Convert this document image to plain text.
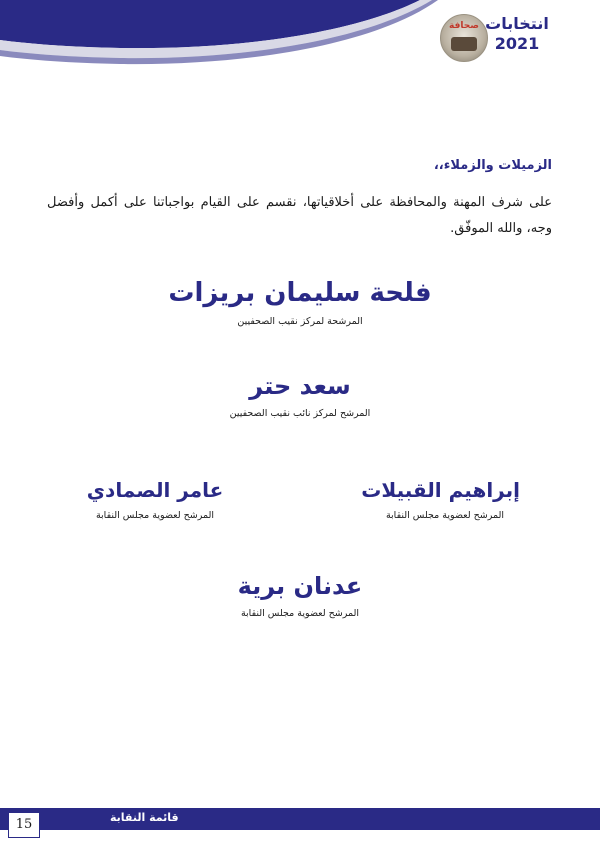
صحافة انتخابات
2021
الزميلات والزملاء،،
على شرف المهنة والمحافظة على أخلاقياتها، نقسم على القيام بواجباتنا على أكمل وأفضل وجه، والله الموفّق.
فلحة سليمان بريزات
المرشحة لمركز نقيب الصحفيين
سعد حتر
المرشح لمركز نائب نقيب الصحفيين
إبراهيم القبيلات
المرشح لعضوية مجلس النقابة
عامر الصمادي
المرشح لعضوية مجلس النقابة
عدنان برية
المرشح لعضوية مجلس النقابة
قائمة النقابة
15
